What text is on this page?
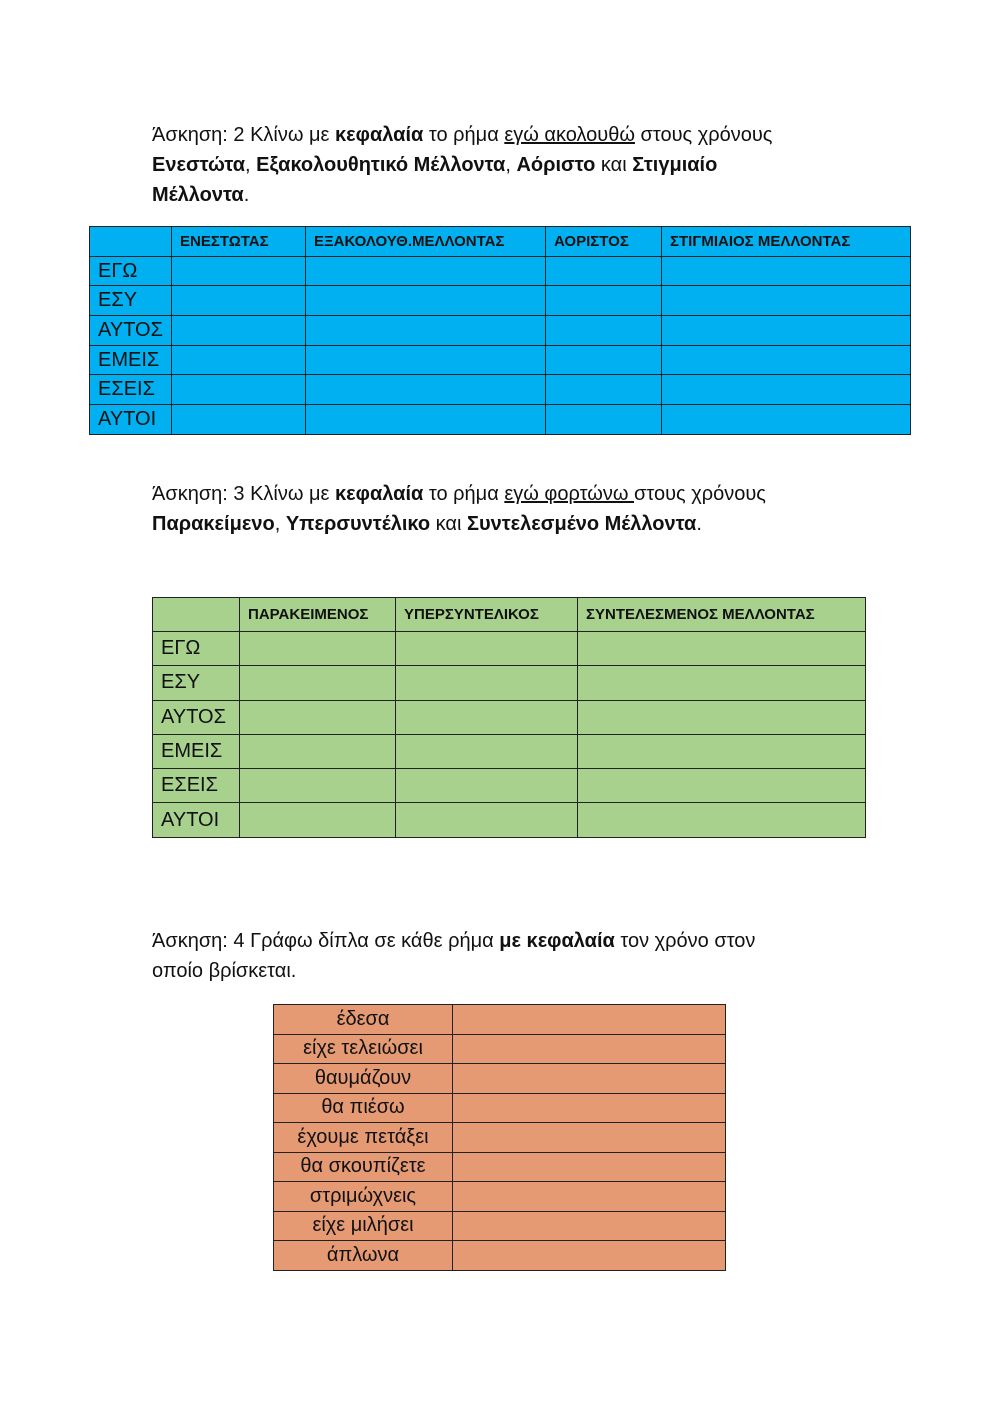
Άσκηση: 2 Κλίνω με κεφαλαία το ρήμα εγώ ακολουθώ στους χρόνους
Ενεστώτα, Εξακολουθητικό Μέλλοντα, Αόριστο και Στιγμιαίο
Μέλλοντα.

	ΕΝΕΣΤΩΤΑΣ	ΕΞΑΚΟΛΟΥΘ.ΜΕΛΛΟΝΤΑΣ	ΑΟΡΙΣΤΟΣ	ΣΤΙΓΜΙΑΙΟΣ ΜΕΛΛΟΝΤΑΣ
ΕΓΩ				
ΕΣΥ				
ΑΥΤΟΣ				
ΕΜΕΙΣ				
ΕΣΕΙΣ				
ΑΥΤΟΙ				

Άσκηση: 3 Κλίνω με κεφαλαία το ρήμα εγώ φορτώνω στους χρόνους
Παρακείμενο, Υπερσυντέλικο και Συντελεσμένο Μέλλοντα.

	ΠΑΡΑΚΕΙΜΕΝΟΣ	ΥΠΕΡΣΥΝΤΕΛΙΚΟΣ	ΣΥΝΤΕΛΕΣΜΕΝΟΣ ΜΕΛΛΟΝΤΑΣ
ΕΓΩ			
ΕΣΥ			
ΑΥΤΟΣ			
ΕΜΕΙΣ			
ΕΣΕΙΣ			
ΑΥΤΟΙ			

Άσκηση: 4 Γράφω δίπλα σε κάθε ρήμα με κεφαλαία τον χρόνο στον
οποίο βρίσκεται.

έδεσα	
είχε τελειώσει	
θαυμάζουν	
θα πιέσω	
έχουμε πετάξει	
θα σκουπίζετε	
στριμώχνεις	
είχε μιλήσει	
άπλωνα	
